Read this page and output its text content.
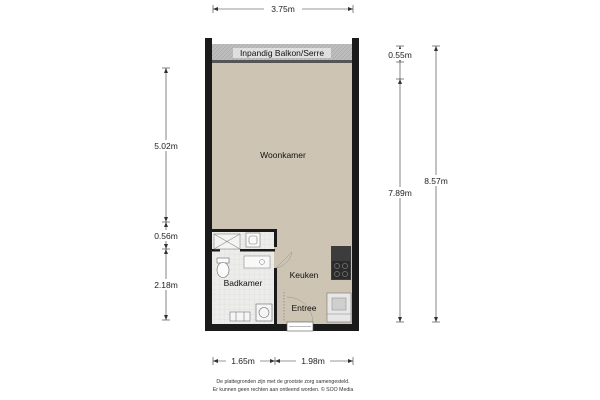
Inpandig Balkon/Serre
Woonkamer
Keuken
Badkamer
Entree
3.75m
5.02m
0.56m
2.18m
0.55m
7.89m
8.57m
1.65m	1.98m
De plattegronden zijn met de grootste zorg samengesteld.
Er kunnen geen rechten aan ontleend worden. © SOO Media
